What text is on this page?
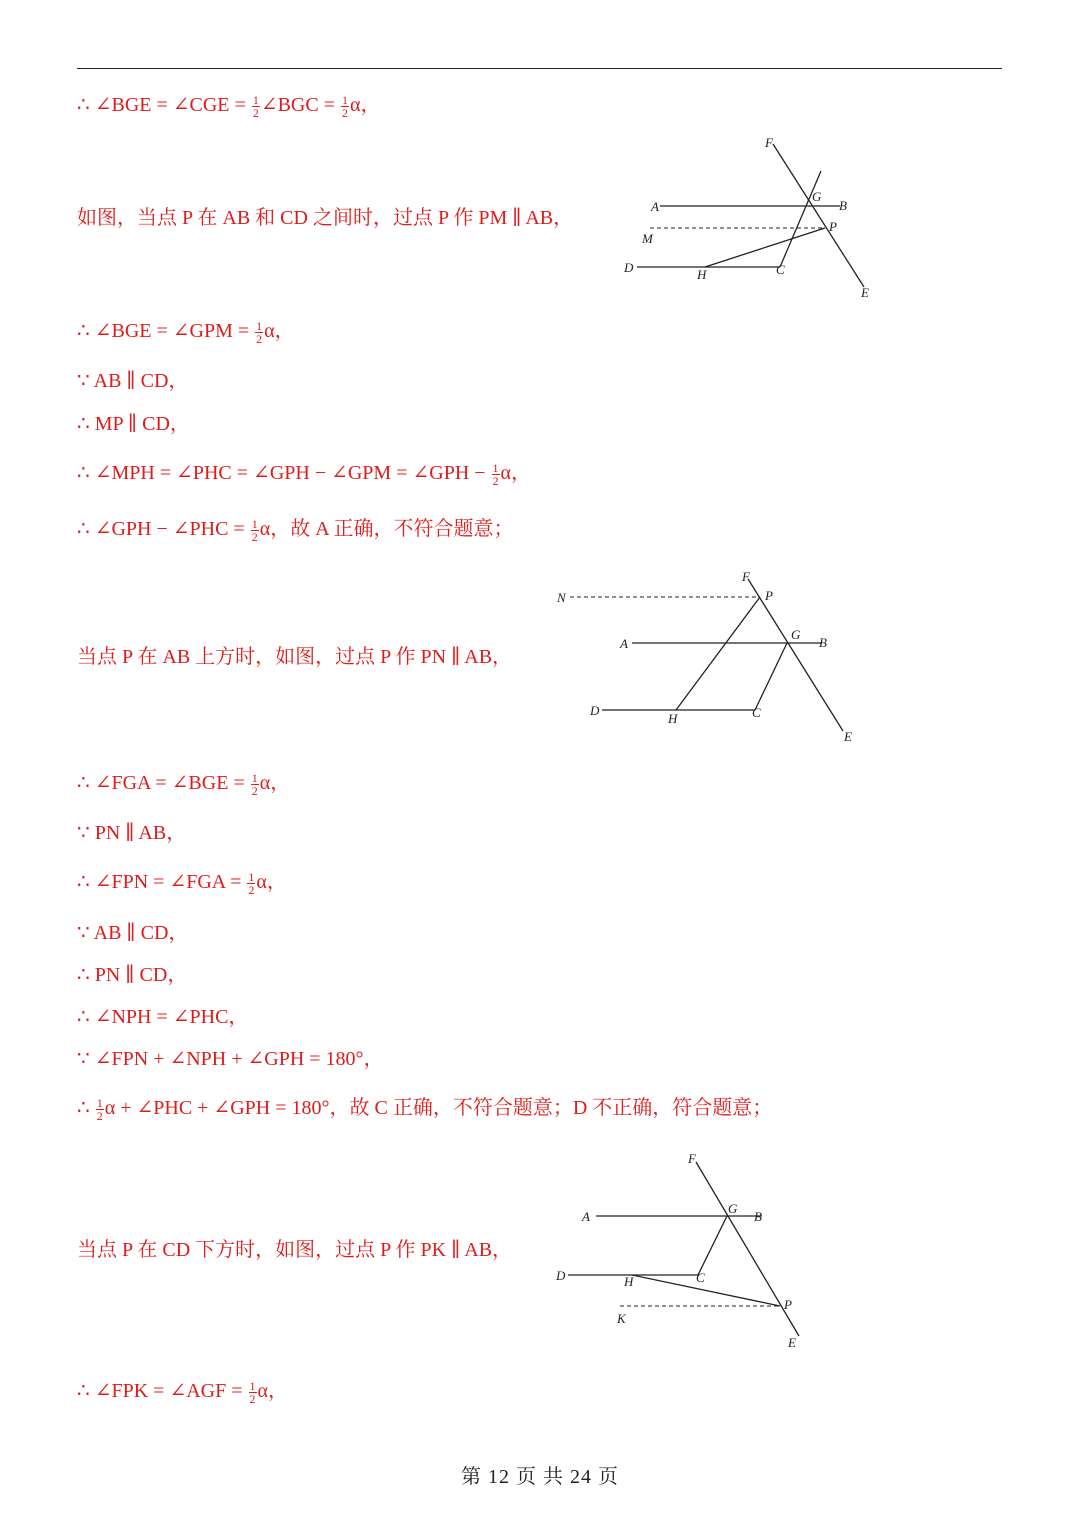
∴ ∠BGE = ∠CGE = $\frac{1}{2}$ ∠BGC = $\frac{1}{2}$ α，
如图，当点 P 在 AB 和 CD 之间时，过点 P 作 PM ∥ AB，
∴ ∠BGE = ∠GPM = $\frac{1}{2}$ α，
∵ AB ∥ CD，
∴ MP ∥ CD，
∴ ∠MPH = ∠PHC = ∠GPH − ∠GPM = ∠GPH − $\frac{1}{2}$ α，
∴ ∠GPH − ∠PHC = $\frac{1}{2}$ α，故 A 正确，不符合题意；
当点 P 在 AB 上方时，如图，过点 P 作 PN ∥ AB，
∴ ∠FGA = ∠BGE = $\frac{1}{2}$ α，
∵ PN ∥ AB，
∴ ∠FPN = ∠FGA = $\frac{1}{2}$ α，
∵ AB ∥ CD，
∴ PN ∥ CD，
∴ ∠NPH = ∠PHC，
∵ ∠FPN + ∠NPH + ∠GPH = 180°，
∴ $\frac{1}{2}$ α + ∠PHC + ∠GPH = 180°，故 C 正确，不符合题意；D 不正确，符合题意；
当点 P 在 CD 下方时，如图，过点 P 作 PK ∥ AB，
∴ ∠FPK = ∠AGF = $\frac{1}{2}$ α，
F
A
G
B
M
P
D	H	C
E
N
F
P
A
G
B
D
H	C
E
F
A
G
B
D	H	C
K
P
E
第 12 页 共 24 页
